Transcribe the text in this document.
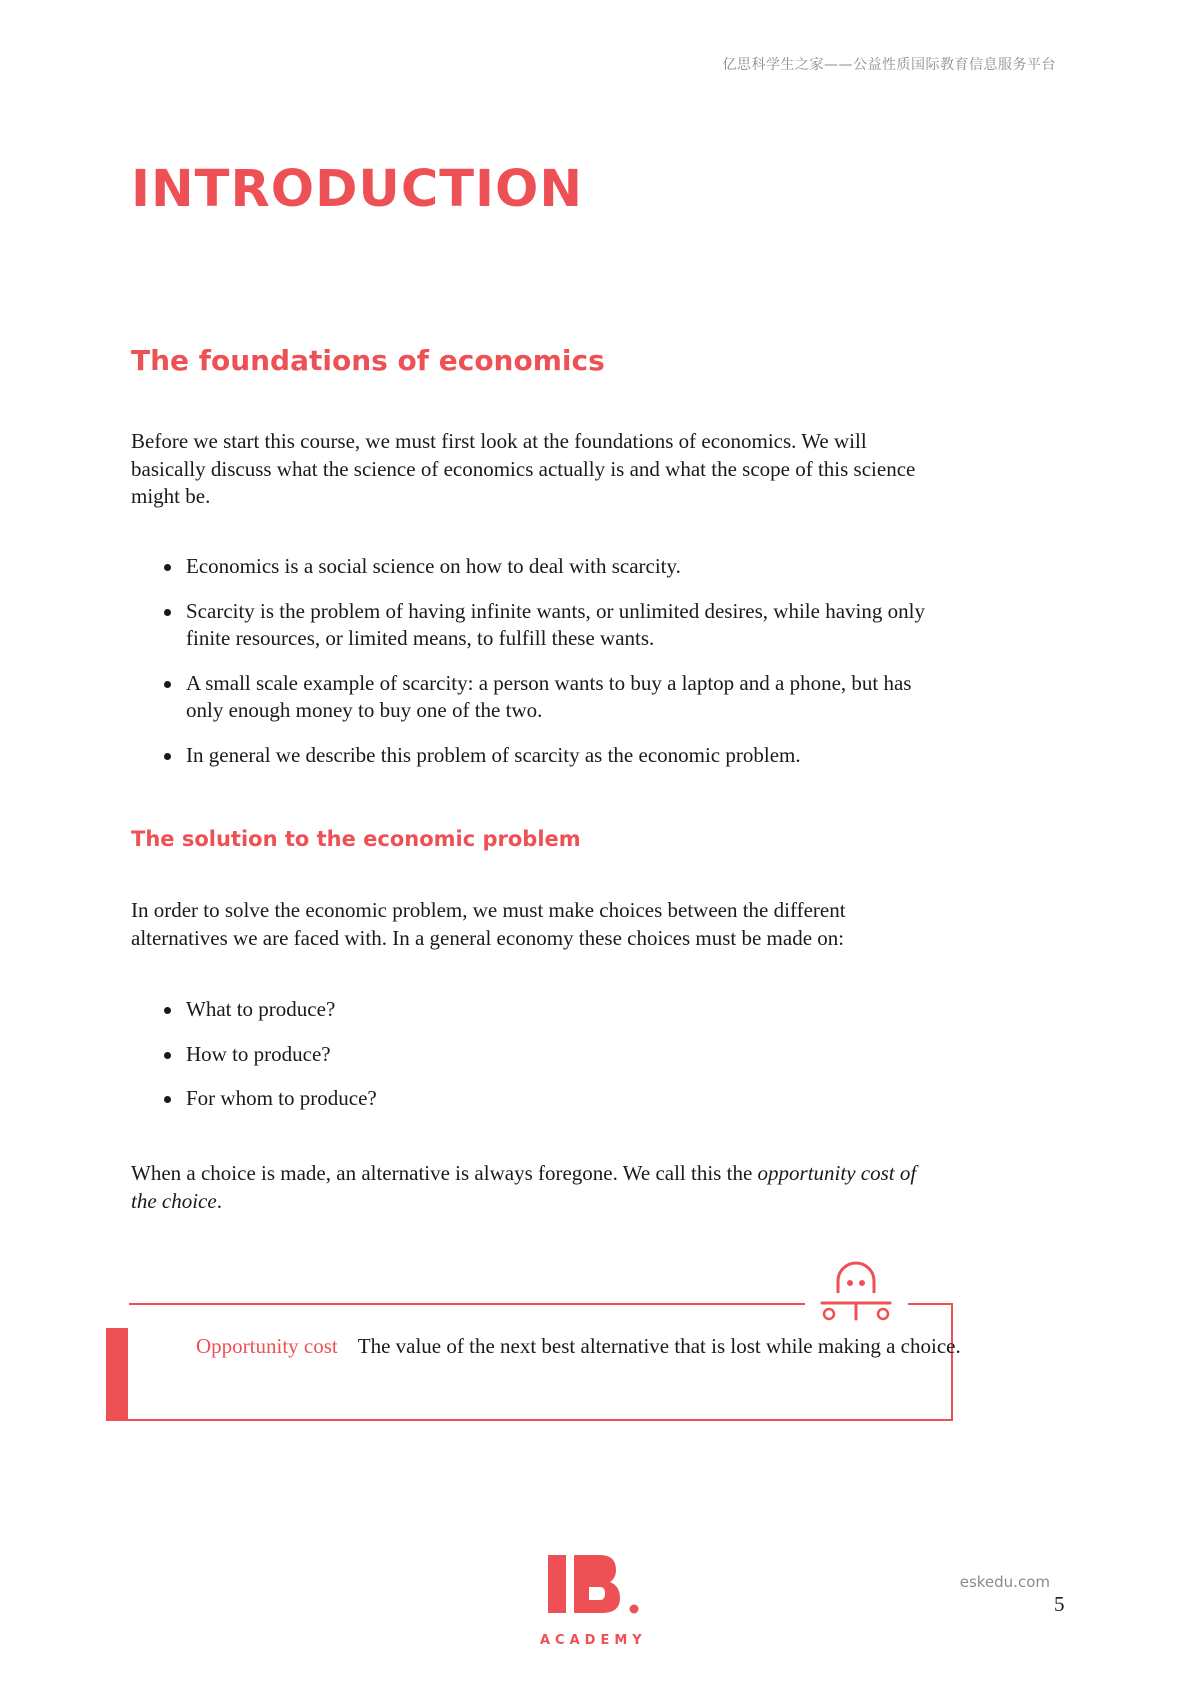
亿思科学生之家——公益性质国际教育信息服务平台
INTRODUCTION
The foundations of economics

Before we start this course, we must first look at the foundations of economics. We will basically discuss what the science of economics actually is and what the scope of this science might be.

Economics is a social science on how to deal with scarcity.
Scarcity is the problem of having infinite wants, or unlimited desires, while having only finite resources, or limited means, to fulfill these wants.
A small scale example of scarcity: a person wants to buy a laptop and a phone, but has only enough money to buy one of the two.
In general we describe this problem of scarcity as the economic problem.
The solution to the economic problem

In order to solve the economic problem, we must make choices between the different alternatives we are faced with. In a general economy these choices must be made on:

What to produce?
How to produce?
For whom to produce?

When a choice is made, an alternative is always foregone. We call this the opportunity cost of the choice.

Opportunity cost The value of the next best alternative that is lost while making a choice.

ACADEMY
eskedu.com
5
